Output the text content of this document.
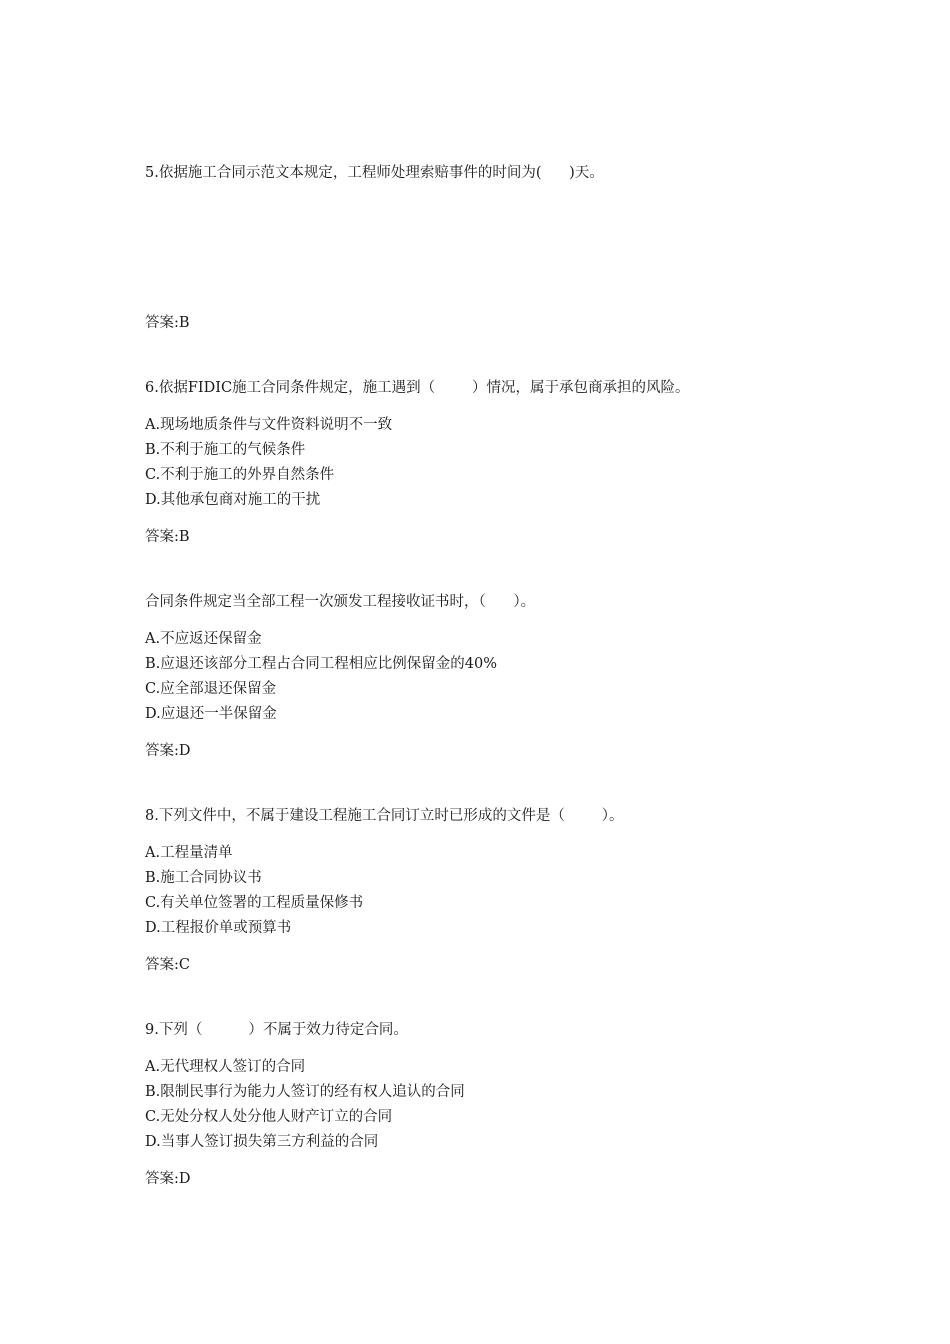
5.依据施工合同示范文本规定，工程师处理索赔事件的时间为(      )天。
答案:B
6.依据FIDIC施工合同条件规定，施工遇到（        ）情况，属于承包商承担的风险。
A.现场地质条件与文件资料说明不一致
B.不利于施工的气候条件
C.不利于施工的外界自然条件
D.其他承包商对施工的干扰
答案:B
合同条件规定当全部工程一次颁发工程接收证书时，（      ）。
A.不应返还保留金
B.应退还该部分工程占合同工程相应比例保留金的40%
C.应全部退还保留金
D.应退还一半保留金
答案:D
8.下列文件中，不属于建设工程施工合同订立时已形成的文件是（        ）。
A.工程量清单
B.施工合同协议书
C.有关单位签署的工程质量保修书
D.工程报价单或预算书
答案:C
9.下列（          ）不属于效力待定合同。
A.无代理权人签订的合同
B.限制民事行为能力人签订的经有权人追认的合同
C.无处分权人处分他人财产订立的合同
D.当事人签订损失第三方利益的合同
答案:D
